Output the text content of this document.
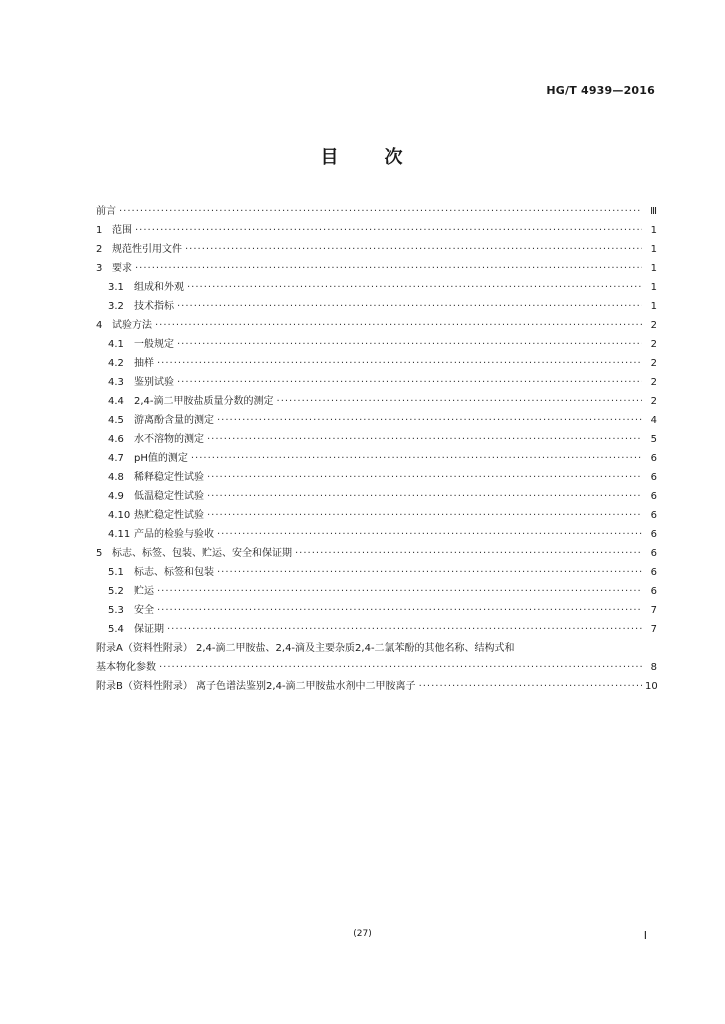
HG/T 4939—2016
目 次
前言 ·····	Ⅲ
1 范围 ·····	1
2 规范性引用文件 ·····	1
3 要求 ·····	1
3.1 组成和外观 ·····	1
3.2 技术指标 ·····	1
4 试验方法 ·····	2
4.1 一般规定 ·····	2
4.2 抽样 ·····	2
4.3 鉴别试验 ·····	2
4.4 2,4-滴二甲胺盐质量分数的测定 ·····	2
4.5 游离酚含量的测定 ·····	4
4.6 水不溶物的测定 ·····	5
4.7 pH值的测定 ·····	6
4.8 稀释稳定性试验 ·····	6
4.9 低温稳定性试验 ·····	6
4.10 热贮稳定性试验 ·····	6
4.11 产品的检验与验收 ·····	6
5 标志、标签、包装、贮运、安全和保证期 ·····	6
5.1 标志、标签和包装 ·····	6
5.2 贮运 ·····	6
5.3 安全 ·····	7
5.4 保证期 ·····	7
附录A（资料性附录） 2,4-滴二甲胺盐、2,4-滴及主要杂质2,4-二氯苯酚的其他名称、结构式和
基本物化参数 ·····	8
附录B（资料性附录） 离子色谱法鉴别2,4-滴二甲胺盐水剂中二甲胺离子 ·····	10
(27)	Ⅰ
